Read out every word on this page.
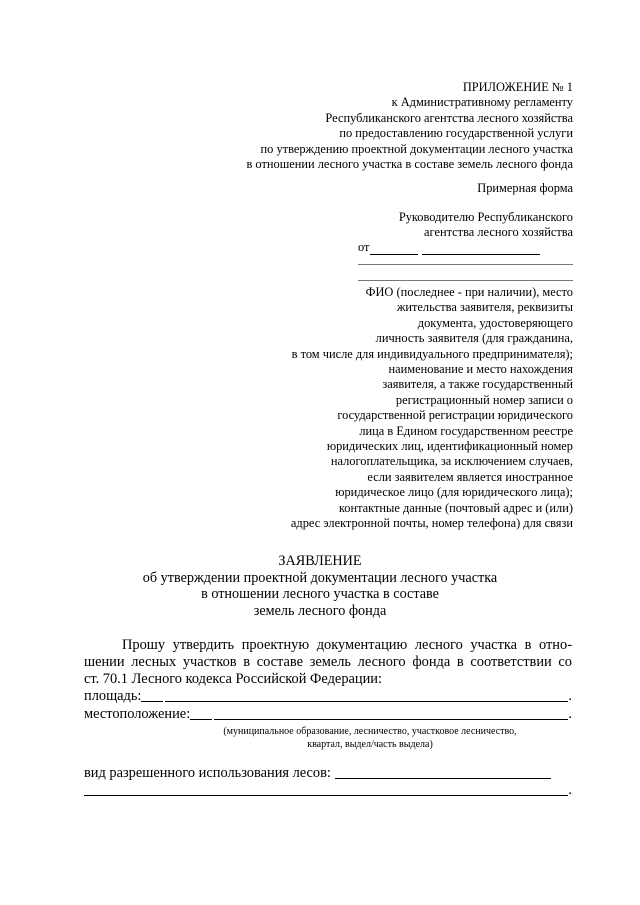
ПРИЛОЖЕНИЕ № 1
к Административному регламенту
Республиканского агентства лесного хозяйства
по предоставлению государственной услуги
по утверждению проектной документации лесного участка
в отношении лесного участка в составе земель лесного фонда
Примерная форма
Руководителю Республиканского
агентства лесного хозяйства
от
ФИО (последнее - при наличии), место
жительства заявителя, реквизиты
документа, удостоверяющего
личность заявителя (для гражданина,
в том числе для индивидуального предпринимателя);
наименование и место нахождения
заявителя, а также государственный
регистрационный номер записи о
государственной регистрации юридического
лица в Едином государственном реестре
юридических лиц, идентификационный номер
налогоплательщика, за исключением случаев,
если заявителем является иностранное
юридическое лицо (для юридического лица);
контактные данные (почтовый адрес и (или)
адрес электронной почты, номер телефона) для связи
ЗАЯВЛЕНИЕ
об утверждении проектной документации лесного участка
в отношении лесного участка в составе
земель лесного фонда
Прошу утвердить проектную документацию лесного участка в отно-
шении лесных участков в составе земель лесного фонда в соответствии со
ст. 70.1 Лесного кодекса Российской Федерации:
площадь:	.
местоположение:	.
(муниципальное образование, лесничество, участковое лесничество,
квартал, выдел/часть выдела)
вид разрешенного использования лесов:
.
